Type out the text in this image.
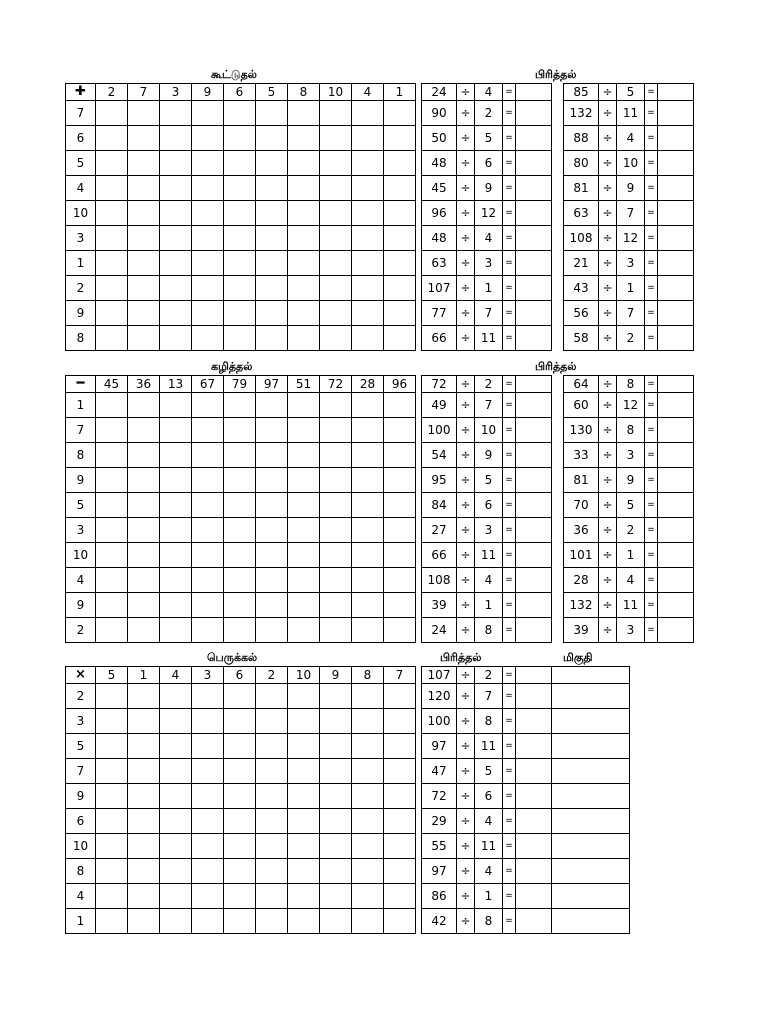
கூட்டுதல்	பிரித்தல்
✚	2	7	3	9	6	5	8	10	4	1
7										
6										
5										
4										
10										
3										
1										
2										
9										
8										
24	÷	4	=	
90	÷	2	=	
50	÷	5	=	
48	÷	6	=	
45	÷	9	=	
96	÷	12	=	
48	÷	4	=	
63	÷	3	=	
107	÷	1	=	
77	÷	7	=	
66	÷	11	=	
85	÷	5	=	
132	÷	11	=	
88	÷	4	=	
80	÷	10	=	
81	÷	9	=	
63	÷	7	=	
108	÷	12	=	
21	÷	3	=	
43	÷	1	=	
56	÷	7	=	
58	÷	2	=	
கழித்தல்	பிரித்தல்
━	45	36	13	67	79	97	51	72	28	96
1										
7										
8										
9										
5										
3										
10										
4										
9										
2										
72	÷	2	=	
49	÷	7	=	
100	÷	10	=	
54	÷	9	=	
95	÷	5	=	
84	÷	6	=	
27	÷	3	=	
66	÷	11	=	
108	÷	4	=	
39	÷	1	=	
24	÷	8	=	
64	÷	8	=	
60	÷	12	=	
130	÷	8	=	
33	÷	3	=	
81	÷	9	=	
70	÷	5	=	
36	÷	2	=	
101	÷	1	=	
28	÷	4	=	
132	÷	11	=	
39	÷	3	=	
பெருக்கல்	பிரித்தல்	மிகுதி
×	5	1	4	3	6	2	10	9	8	7
2										
3										
5										
7										
9										
6										
10										
8										
4										
1										
107	÷	2	=		
120	÷	7	=		
100	÷	8	=		
97	÷	11	=		
47	÷	5	=		
72	÷	6	=		
29	÷	4	=		
55	÷	11	=		
97	÷	4	=		
86	÷	1	=		
42	÷	8	=		
